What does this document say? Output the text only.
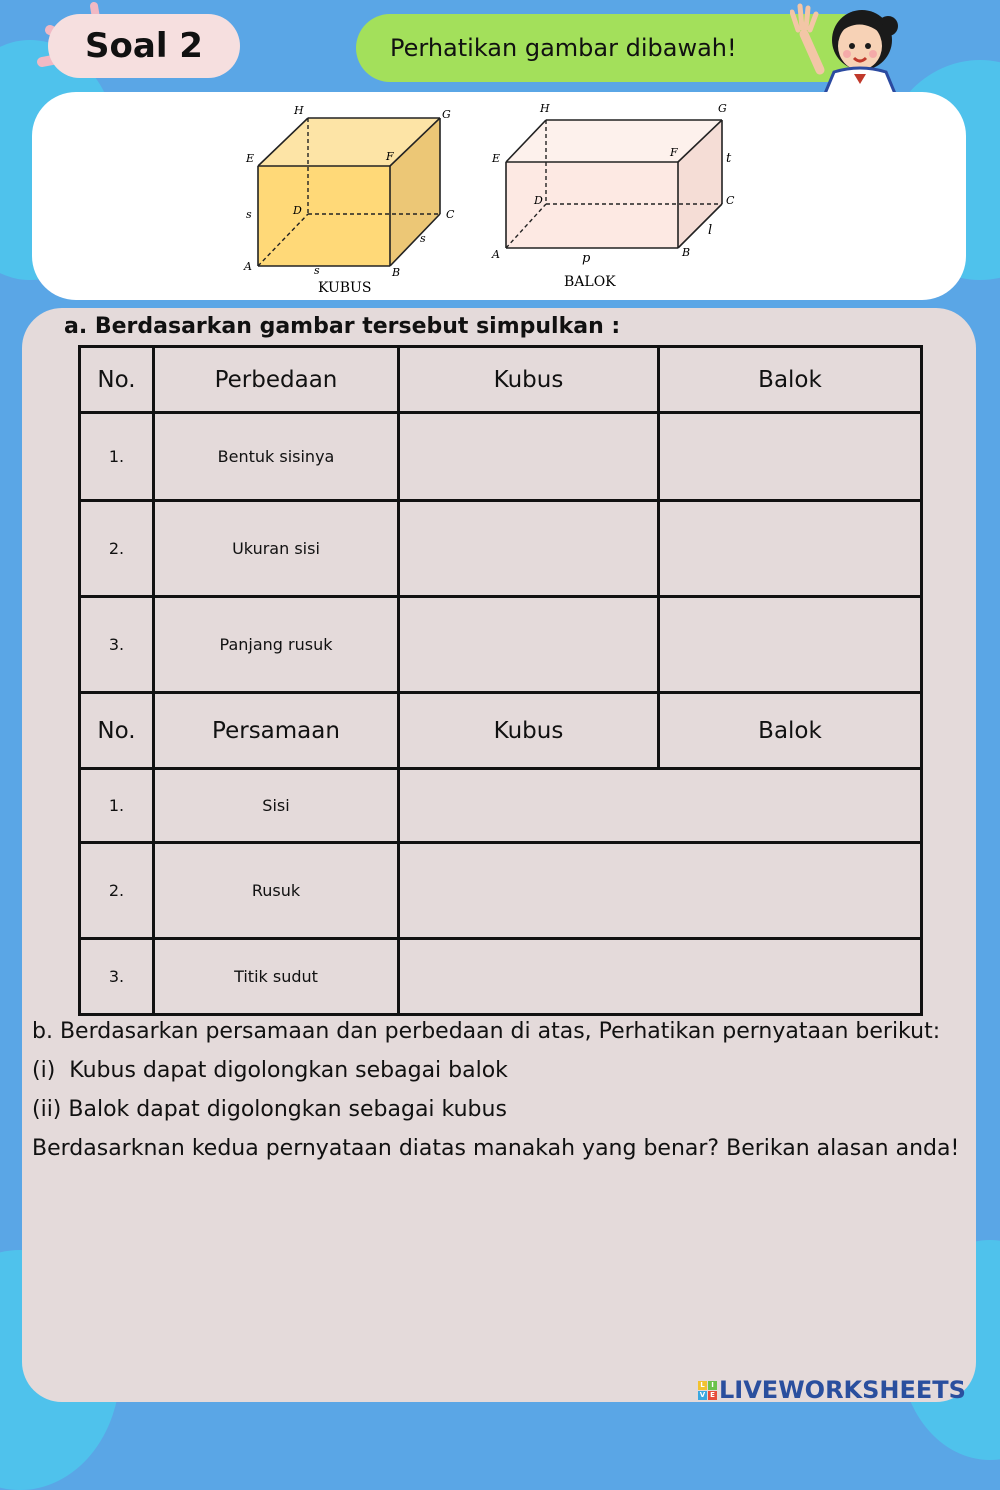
Soal 2	Perhatikan gambar dibawah!
H	G
E	F
D	C
A	B
s
s
s
KUBUS
H	G
E	F
D	C
A	B
p
l
t
BALOK
a. Berdasarkan gambar tersebut simpulkan :
No.	Perbedaan	Kubus	Balok
1.	Bentuk sisinya		
2.	Ukuran sisi		
3.	Panjang rusuk		
No.	Persamaan	Kubus	Balok
1.	Sisi		
2.	Rusuk		
3.	Titik sudut		

b. Berdasarkan persamaan dan perbedaan di atas, Perhatikan pernyataan berikut:

(i)  Kubus dapat digolongkan sebagai balok

(ii) Balok dapat digolongkan sebagai kubus

Berdasarknan kedua pernyataan diatas manakah yang benar? Berikan alasan anda!

L I
V E LIVEWORKSHEETS
